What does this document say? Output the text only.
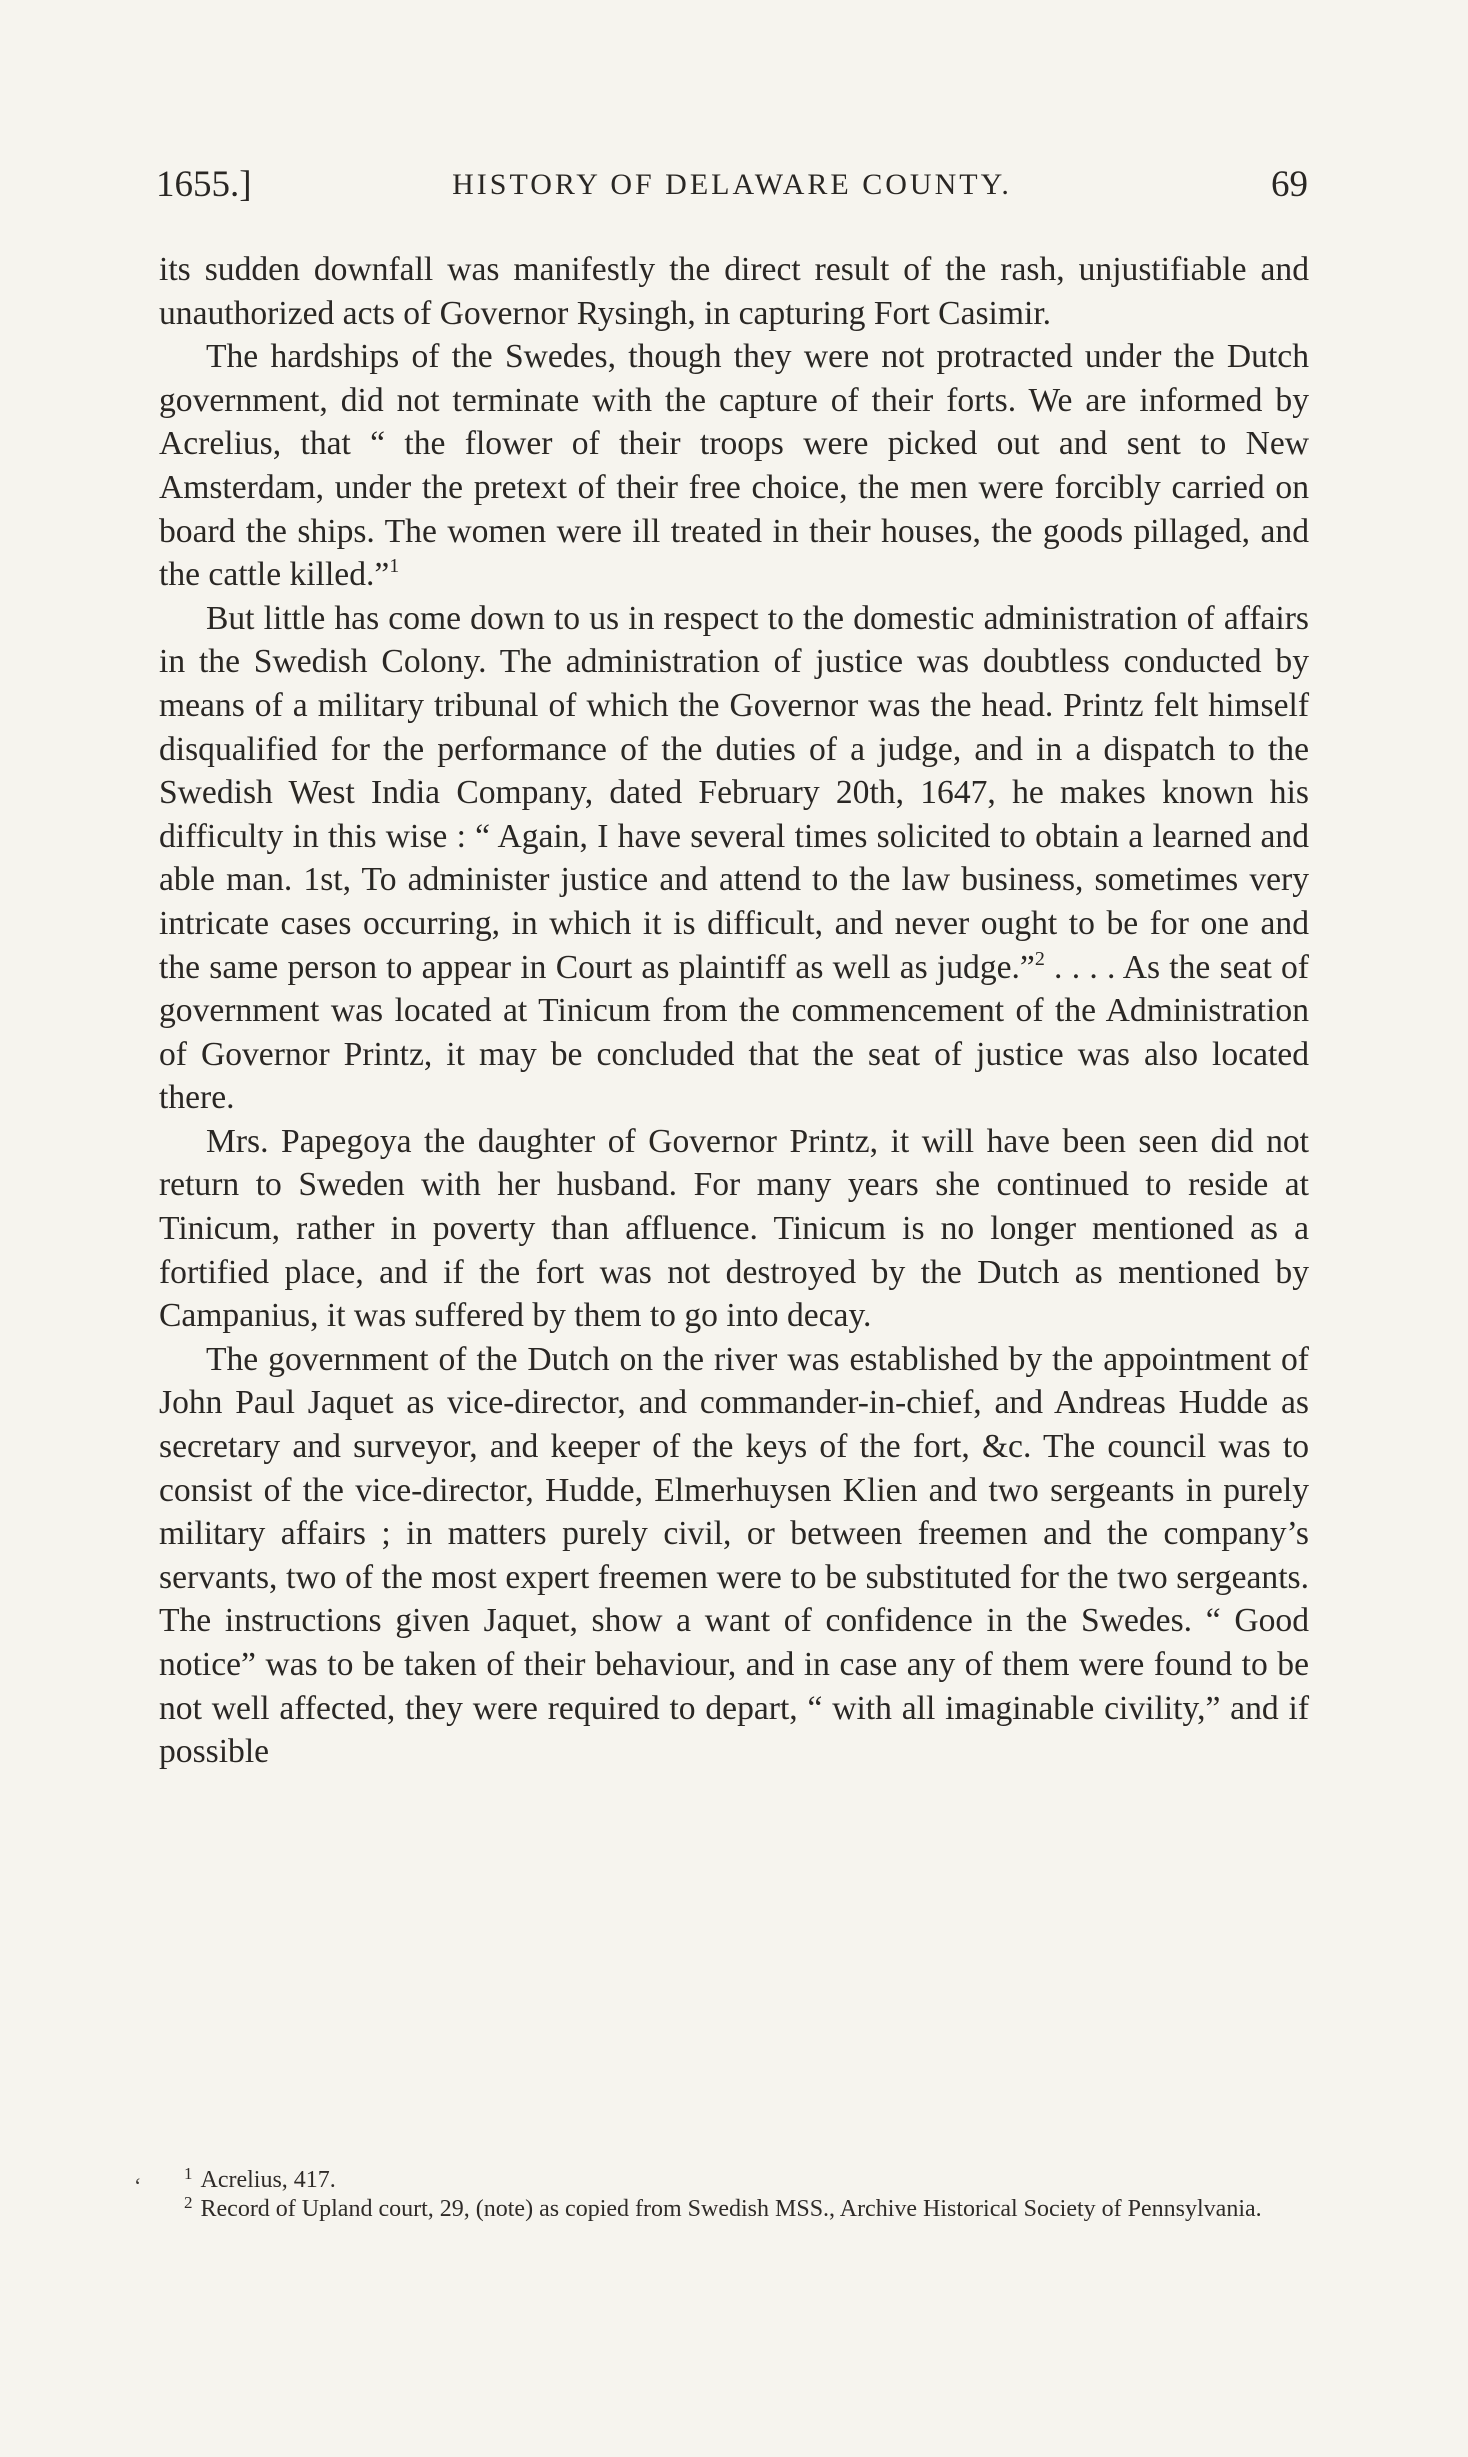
1655.]	HISTORY OF DELAWARE COUNTY.	69

its sudden downfall was manifestly the direct result of the rash, unjustifiable and unauthorized acts of Governor Rysingh, in capturing Fort Casimir.

The hardships of the Swedes, though they were not protracted under the Dutch government, did not terminate with the capture of their forts. We are informed by Acrelius, that “ the flower of their troops were picked out and sent to New Amsterdam, under the pretext of their free choice, the men were forcibly carried on board the ships. The women were ill treated in their houses, the goods pillaged, and the cattle killed.”$^1$

But little has come down to us in respect to the domestic administration of affairs in the Swedish Colony. The administration of justice was doubtless conducted by means of a military tribunal of which the Governor was the head. Printz felt himself disqualified for the performance of the duties of a judge, and in a dispatch to the Swedish West India Company, dated February 20th, 1647, he makes known his difficulty in this wise : “ Again, I have several times solicited to obtain a learned and able man. 1st, To administer justice and attend to the law business, sometimes very intricate cases occurring, in which it is difficult, and never ought to be for one and the same person to appear in Court as plaintiff as well as judge.”$^2$ . . . . As the seat of government was located at Tinicum from the commencement of the Administration of Governor Printz, it may be concluded that the seat of justice was also located there.

Mrs. Papegoya the daughter of Governor Printz, it will have been seen did not return to Sweden with her husband. For many years she continued to reside at Tinicum, rather in poverty than affluence. Tinicum is no longer mentioned as a fortified place, and if the fort was not destroyed by the Dutch as mentioned by Campanius, it was suffered by them to go into decay.

The government of the Dutch on the river was established by the appointment of John Paul Jaquet as vice-director, and commander-in-chief, and Andreas Hudde as secretary and surveyor, and keeper of the keys of the fort, &c. The council was to consist of the vice-director, Hudde, Elmerhuysen Klien and two sergeants in purely military affairs ; in matters purely civil, or between freemen and the company’s servants, two of the most expert freemen were to be substituted for the two sergeants. The instructions given Jaquet, show a want of confidence in the Swedes. “ Good notice” was to be taken of their behaviour, and in case any of them were found to be not well affected, they were required to depart, “ with all imaginable civility,” and if possible

‘	$^1$ Acrelius, 417.

$^2$ Record of Upland court, 29, (note) as copied from Swedish MSS., Archive Historical Society of Pennsylvania.
